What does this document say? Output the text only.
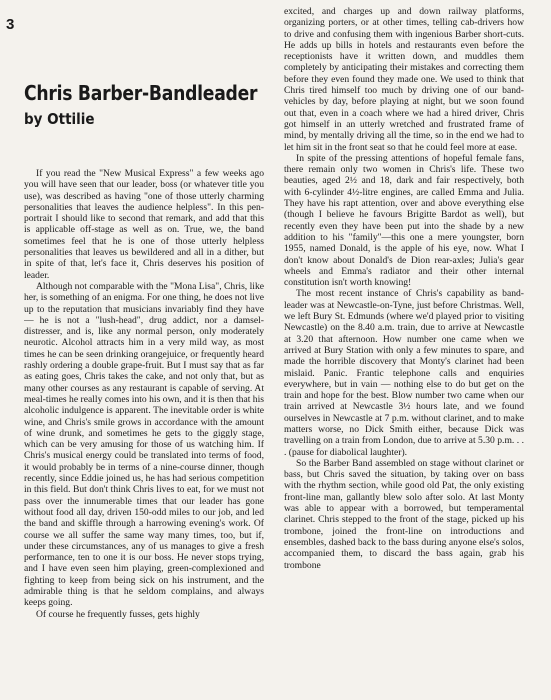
3
Chris Barber-Bandleader
by Ottilie

If you read the "New Musical Express" a few weeks ago you will have seen that our leader, boss (or whatever title you use), was described as having "one of those utterly charming personalities that leaves the audience helpless". In this pen-portrait I should like to second that remark, and add that this is applicable off-stage as well as on. True, we, the band sometimes feel that he is one of those utterly helpless personalities that leaves us bewildered and all in a dither, but in spite of that, let's face it, Chris deserves his position of leader.

Although not comparable with the "Mona Lisa", Chris, like her, is something of an enigma. For one thing, he does not live up to the reputation that musicians invariably find they have — he is not a "lush-head", drug addict, nor a damsel-distresser, and is, like any normal person, only moderately neurotic. Alcohol attracts him in a very mild way, as most times he can be seen drinking orangejuice, or frequently heard rashly ordering a double grape-fruit. But I must say that as far as eating goes, Chris takes the cake, and not only that, but as many other courses as any restaurant is capable of serving. At meal-times he really comes into his own, and it is then that his alcoholic indulgence is apparent. The inevitable order is white wine, and Chris's smile grows in accordance with the amount of wine drunk, and sometimes he gets to the giggly stage, which can be very amusing for those of us watching him. If Chris's musical energy could be translated into terms of food, it would probably be in terms of a nine-course dinner, though recently, since Eddie joined us, he has had serious competition in this field. But don't think Chris lives to eat, for we must not pass over the innumerable times that our leader has gone without food all day, driven 150-odd miles to our job, and led the band and skiffle through a harrowing evening's work. Of course we all suffer the same way many times, too, but if, under these circumstances, any of us manages to give a fresh performance, ten to one it is our boss. He never stops trying, and I have even seen him playing, green-complexioned and fighting to keep from being sick on his instrument, and the admirable thing is that he seldom complains, and always keeps going.

Of course he frequently fusses, gets highly

excited, and charges up and down railway platforms, organizing porters, or at other times, telling cab-drivers how to drive and confusing them with ingenious Barber short-cuts. He adds up bills in hotels and restaurants even before the receptionists have it written down, and muddles them completely by anticipating their mistakes and correcting them before they even found they made one. We used to think that Chris tired himself too much by driving one of our band-vehicles by day, before playing at night, but we soon found out that, even in a coach where we had a hired driver, Chris got himself in an utterly wretched and frustrated frame of mind, by mentally driving all the time, so in the end we had to let him sit in the front seat so that he could feel more at ease.

In spite of the pressing attentions of hopeful female fans, there remain only two women in Chris's life. These two beauties, aged 2½ and 18, dark and fair respectively, both with 6-cylinder 4½-litre engines, are called Emma and Julia. They have his rapt attention, over and above everything else (though I believe he favours Brigitte Bardot as well), but recently even they have been put into the shade by a new addition to his "family"—this one a mere youngster, born 1955, named Donald, is the apple of his eye, now. What I don't know about Donald's de Dion rear-axles; Julia's gear wheels and Emma's radiator and their other internal constitution isn't worth knowing!

The most recent instance of Chris's capability as band-leader was at Newcastle-on-Tyne, just before Christmas. Well, we left Bury St. Edmunds (where we'd played prior to visiting Newcastle) on the 8.40 a.m. train, due to arrive at Newcastle at 3.20 that afternoon. How number one came when we arrived at Bury Station with only a few minutes to spare, and made the horrible discovery that Monty's clarinet had been mislaid. Panic. Frantic telephone calls and enquiries everywhere, but in vain — nothing else to do but get on the train and hope for the best. Blow number two came when our train arrived at Newcastle 3½ hours late, and we found ourselves in Newcastle at 7 p.m. without clarinet, and to make matters worse, no Dick Smith either, because Dick was travelling on a train from London, due to arrive at 5.30 p.m. . . . (pause for diabolical laughter).

So the Barber Band assembled on stage without clarinet or bass, but Chris saved the situation, by taking over on bass with the rhythm section, while good old Pat, the only existing front-line man, gallantly blew solo after solo. At last Monty was able to appear with a borrowed, but temperamental clarinet. Chris stepped to the front of the stage, picked up his trombone, joined the front-line on introductions and ensembles, dashed back to the bass during anyone else's solos, accompanied them, to discard the bass again, grab his trombone
